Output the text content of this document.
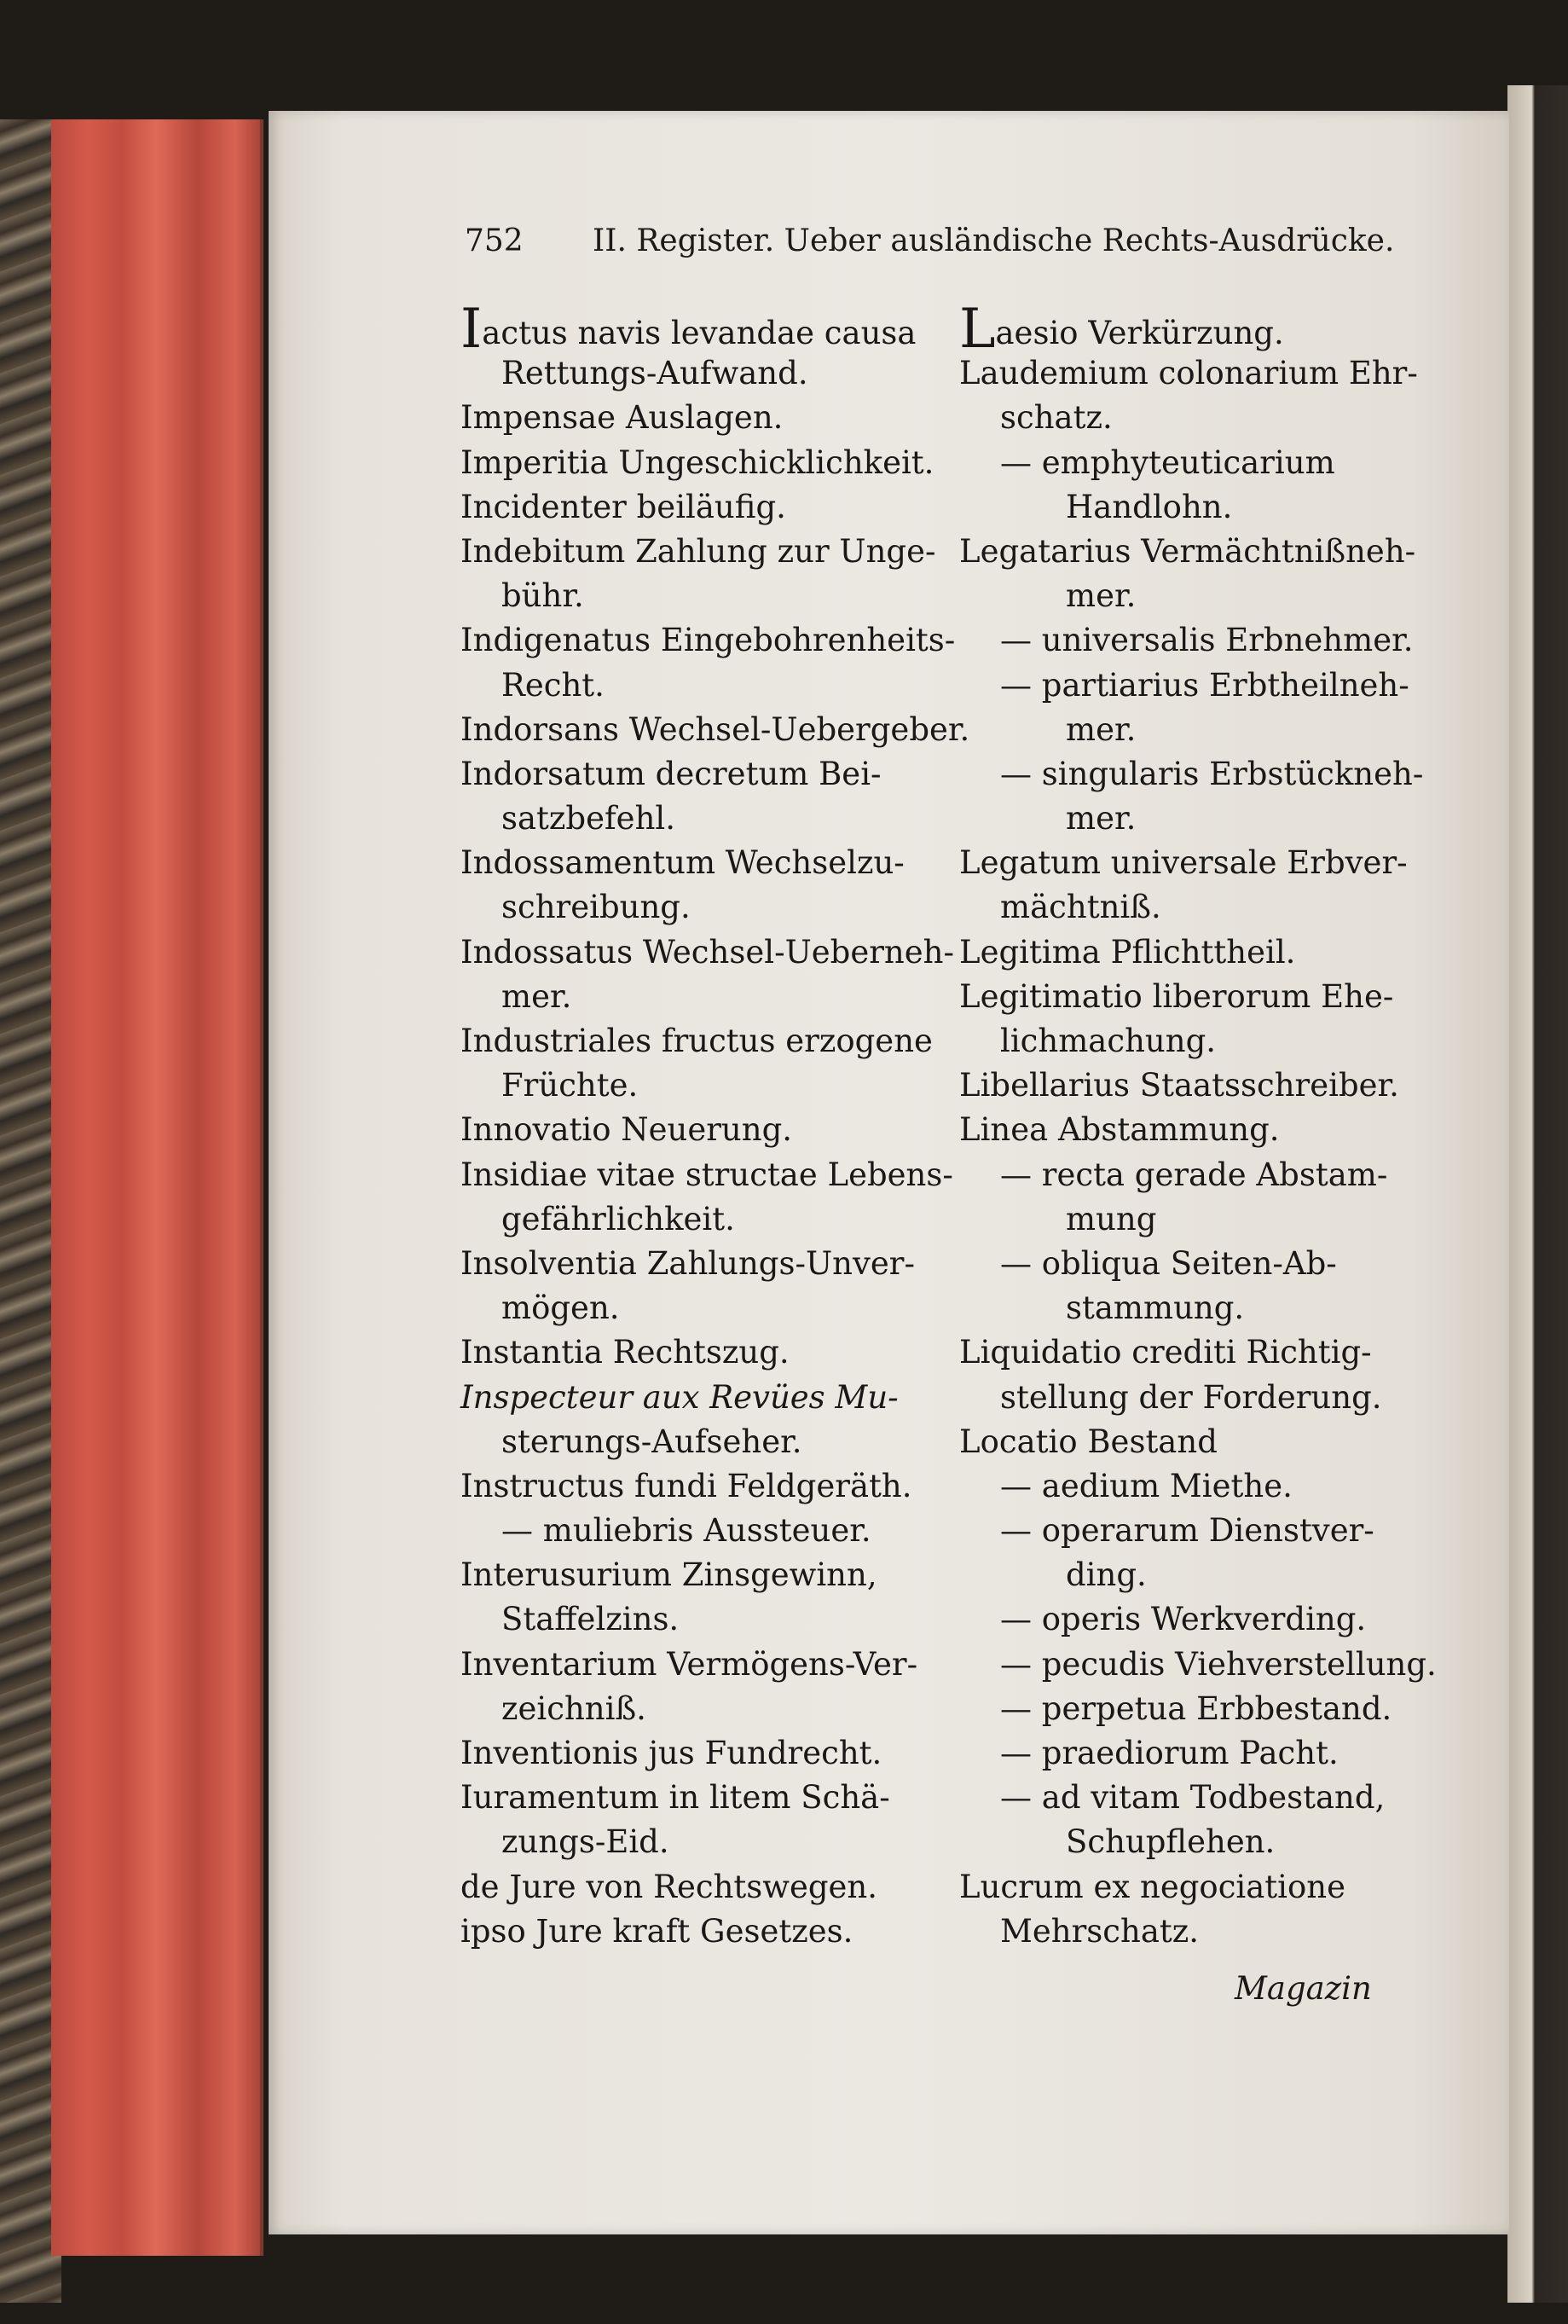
752 II. Register. Ueber ausländische Rechts-Ausdrücke.
Iactus navis levandae causa
Rettungs-Aufwand.
Impensae Auslagen.
Imperitia Ungeschicklichkeit.
Incidenter beiläufig.
Indebitum Zahlung zur Unge-
bühr.
Indigenatus Eingebohrenheits-
Recht.
Indorsans Wechsel-Uebergeber.
Indorsatum decretum Bei-
satzbefehl.
Indossamentum Wechselzu-
schreibung.
Indossatus Wechsel-Ueberneh-
mer.
Industriales fructus erzogene
Früchte.
Innovatio Neuerung.
Insidiae vitae structae Lebens-
gefährlichkeit.
Insolventia Zahlungs-Unver-
mögen.
Instantia Rechtszug.
Inspecteur aux Revües Mu-
sterungs-Aufseher.
Instructus fundi Feldgeräth.
— muliebris Aussteuer.
Interusurium Zinsgewinn,
Staffelzins.
Inventarium Vermögens-Ver-
zeichniß.
Inventionis jus Fundrecht.
Iuramentum in litem Schä-
zungs-Eid.
de Jure von Rechtswegen.
ipso Jure kraft Gesetzes.
Laesio Verkürzung.
Laudemium colonarium Ehr-
schatz.
— emphyteuticarium
Handlohn.
Legatarius Vermächtnißneh-
mer.
— universalis Erbnehmer.
— partiarius Erbtheilneh-
mer.
— singularis Erbstückneh-
mer.
Legatum universale Erbver-
mächtniß.
Legitima Pflichttheil.
Legitimatio liberorum Ehe-
lichmachung.
Libellarius Staatsschreiber.
Linea Abstammung.
— recta gerade Abstam-
mung
— obliqua Seiten-Ab-
stammung.
Liquidatio crediti Richtig-
stellung der Forderung.
Locatio Bestand
— aedium Miethe.
— operarum Dienstver-
ding.
— operis Werkverding.
— pecudis Viehverstellung.
— perpetua Erbbestand.
— praediorum Pacht.
— ad vitam Todbestand,
Schupflehen.
Lucrum ex negociatione
Mehrschatz.
Magazin
